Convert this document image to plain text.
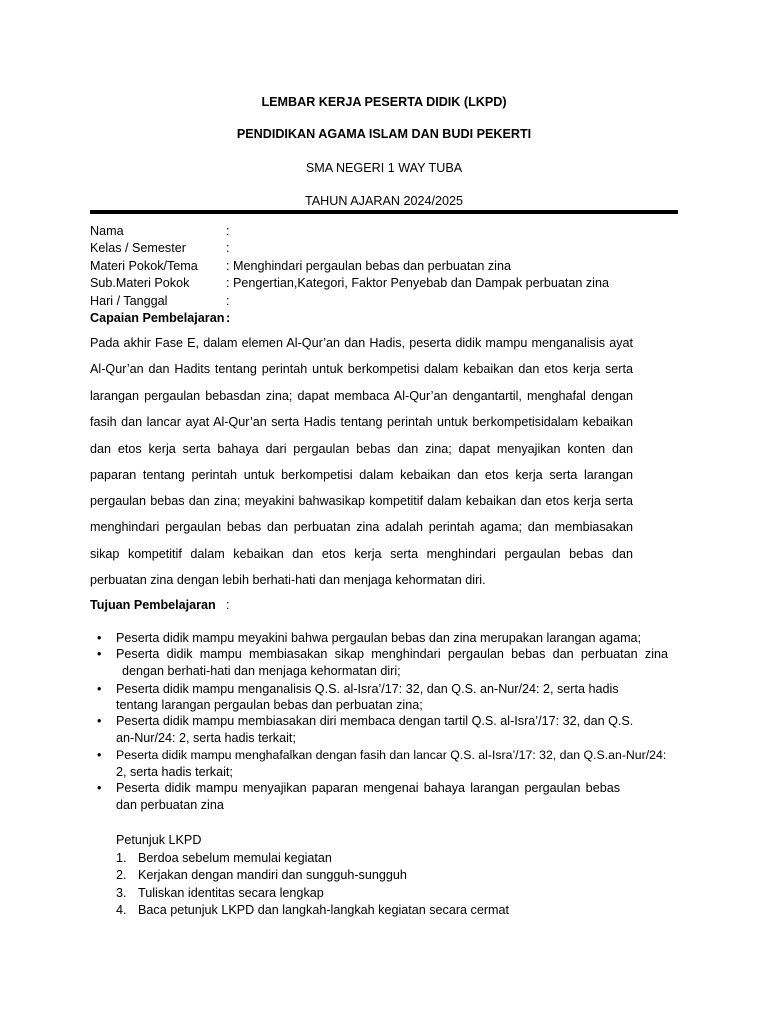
LEMBAR KERJA PESERTA DIDIK (LKPD)
PENDIDIKAN AGAMA ISLAM DAN BUDI PEKERTI
SMA NEGERI 1 WAY TUBA
TAHUN AJARAN 2024/2025
Nama	:
Kelas / Semester	:
Materi Pokok/Tema : Menghindari pergaulan bebas dan perbuatan zina
Sub.Materi Pokok	: Pengertian,Kategori, Faktor Penyebab dan Dampak perbuatan zina
Hari / Tanggal	:
Capaian Pembelajaran :
Pada akhir Fase E, dalam elemen Al-Qur’an dan Hadis, peserta didik mampu menganalisis ayat
Al-Qur’an dan Hadits tentang perintah untuk berkompetisi dalam kebaikan dan etos kerja serta
larangan pergaulan bebasdan zina; dapat membaca Al-Qur’an dengantartil, menghafal dengan
fasih dan lancar ayat Al-Qur’an serta Hadis tentang perintah untuk berkompetisidalam kebaikan
dan etos kerja serta bahaya dari pergaulan bebas dan zina; dapat menyajikan konten dan
paparan tentang perintah untuk berkompetisi dalam kebaikan dan etos kerja serta larangan
pergaulan bebas dan zina; meyakini bahwasikap kompetitif dalam kebaikan dan etos kerja serta
menghindari pergaulan bebas dan perbuatan zina adalah perintah agama; dan membiasakan
sikap kompetitif dalam kebaikan dan etos kerja serta menghindari pergaulan bebas dan
perbuatan zina dengan lebih berhati-hati dan menjaga kehormatan diri.
Tujuan Pembelajaran :
• Peserta didik mampu meyakini bahwa pergaulan bebas dan zina merupakan larangan agama;
• Peserta didik mampu membiasakan sikap menghindari pergaulan bebas dan perbuatan zina
dengan berhati-hati dan menjaga kehormatan diri;
• Peserta didik mampu menganalisis Q.S. al-Isra’/17: 32, dan Q.S. an-Nur/24: 2, serta hadis
tentang larangan pergaulan bebas dan perbuatan zina;
• Peserta didik mampu membiasakan diri membaca dengan tartil Q.S. al-Isra’/17: 32, dan Q.S.
an-Nur/24: 2, serta hadis terkait;
• Peserta didik mampu menghafalkan dengan fasih dan lancar Q.S. al-Isra’/17: 32, dan Q.S.an-Nur/24:
2, serta hadis terkait;
• Peserta didik mampu menyajikan paparan mengenai bahaya larangan pergaulan bebas
dan perbuatan zina
Petunjuk LKPD
1. Berdoa sebelum memulai kegiatan
2. Kerjakan dengan mandiri dan sungguh-sungguh
3. Tuliskan identitas secara lengkap
4. Baca petunjuk LKPD dan langkah-langkah kegiatan secara cermat
